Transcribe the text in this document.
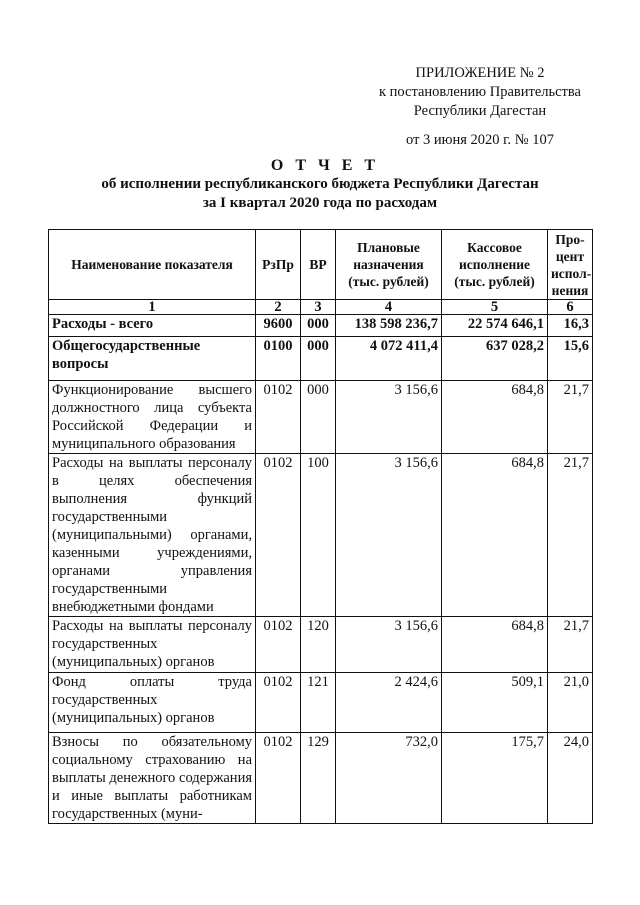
ПРИЛОЖЕНИЕ № 2
к постановлению Правительства
Республики Дагестан
от 3 июня 2020 г. № 107
О Т Ч Е Т
об исполнении республиканского бюджета Республики Дагестан
за I квартал 2020 года по расходам
Наименование показателя	РзПр	ВР	Плановые назначения (тыс. рублей)	Кассовое исполнение (тыс. рублей)	Про-цент испол-нения
1	2	3	4	5	6
Расходы - всего	9600	000	138 598 236,7	22 574 646,1	16,3
Общегосударственные вопросы	0100	000	4 072 411,4	637 028,2	15,6
Функционирование высшего должностного лица субъекта Российской Федерации и муниципального образования	0102	000	3 156,6	684,8	21,7
Расходы на выплаты персоналу в целях обеспечения выполнения функций государственными (муниципальными) органами, казенными учреждениями, органами управления государственными внебюджетными фондами	0102	100	3 156,6	684,8	21,7
Расходы на выплаты персоналу государственных (муниципальных) органов	0102	120	3 156,6	684,8	21,7
Фонд оплаты труда государственных (муниципальных) органов	0102	121	2 424,6	509,1	21,0
Взносы по обязательному социальному страхованию на выплаты денежного содержания и иные выплаты работникам государственных (муни-	0102	129	732,0	175,7	24,0
